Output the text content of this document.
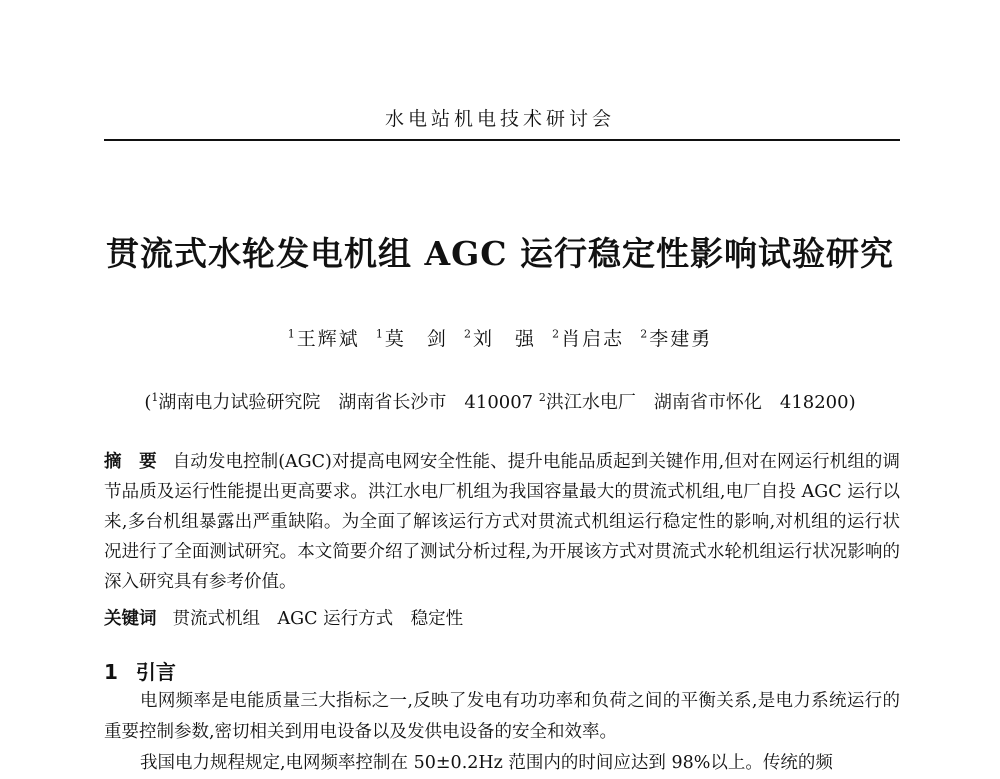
水电站机电技术研讨会
贯流式水轮发电机组 AGC 运行稳定性影响试验研究
$^1$王辉斌 $^1$莫　剑 $^2$刘　强 $^2$肖启志 $^2$李建勇
($^1$湖南电力试验研究院　湖南省长沙市　410007 $^2$洪江水电厂　湖南省市怀化　418200)

摘　要 自动发电控制(AGC)对提高电网安全性能、提升电能品质起到关键作用,但对在网运行机组的调节品质及运行性能提出更高要求。洪江水电厂机组为我国容量最大的贯流式机组,电厂自投 AGC 运行以来,多台机组暴露出严重缺陷。为全面了解该运行方式对贯流式机组运行稳定性的影响,对机组的运行状况进行了全面测试研究。本文简要介绍了测试分析过程,为开展该方式对贯流式水轮机组运行状况影响的深入研究具有参考价值。

关键词 贯流式机组　AGC 运行方式　稳定性

1 引言

电网频率是电能质量三大指标之一,反映了发电有功功率和负荷之间的平衡关系,是电力系统运行的重要控制参数,密切相关到用电设备以及发供电设备的安全和效率。

我国电力规程规定,电网频率控制在 50±0.2Hz 范围内的时间应达到 98%以上。传统的频
